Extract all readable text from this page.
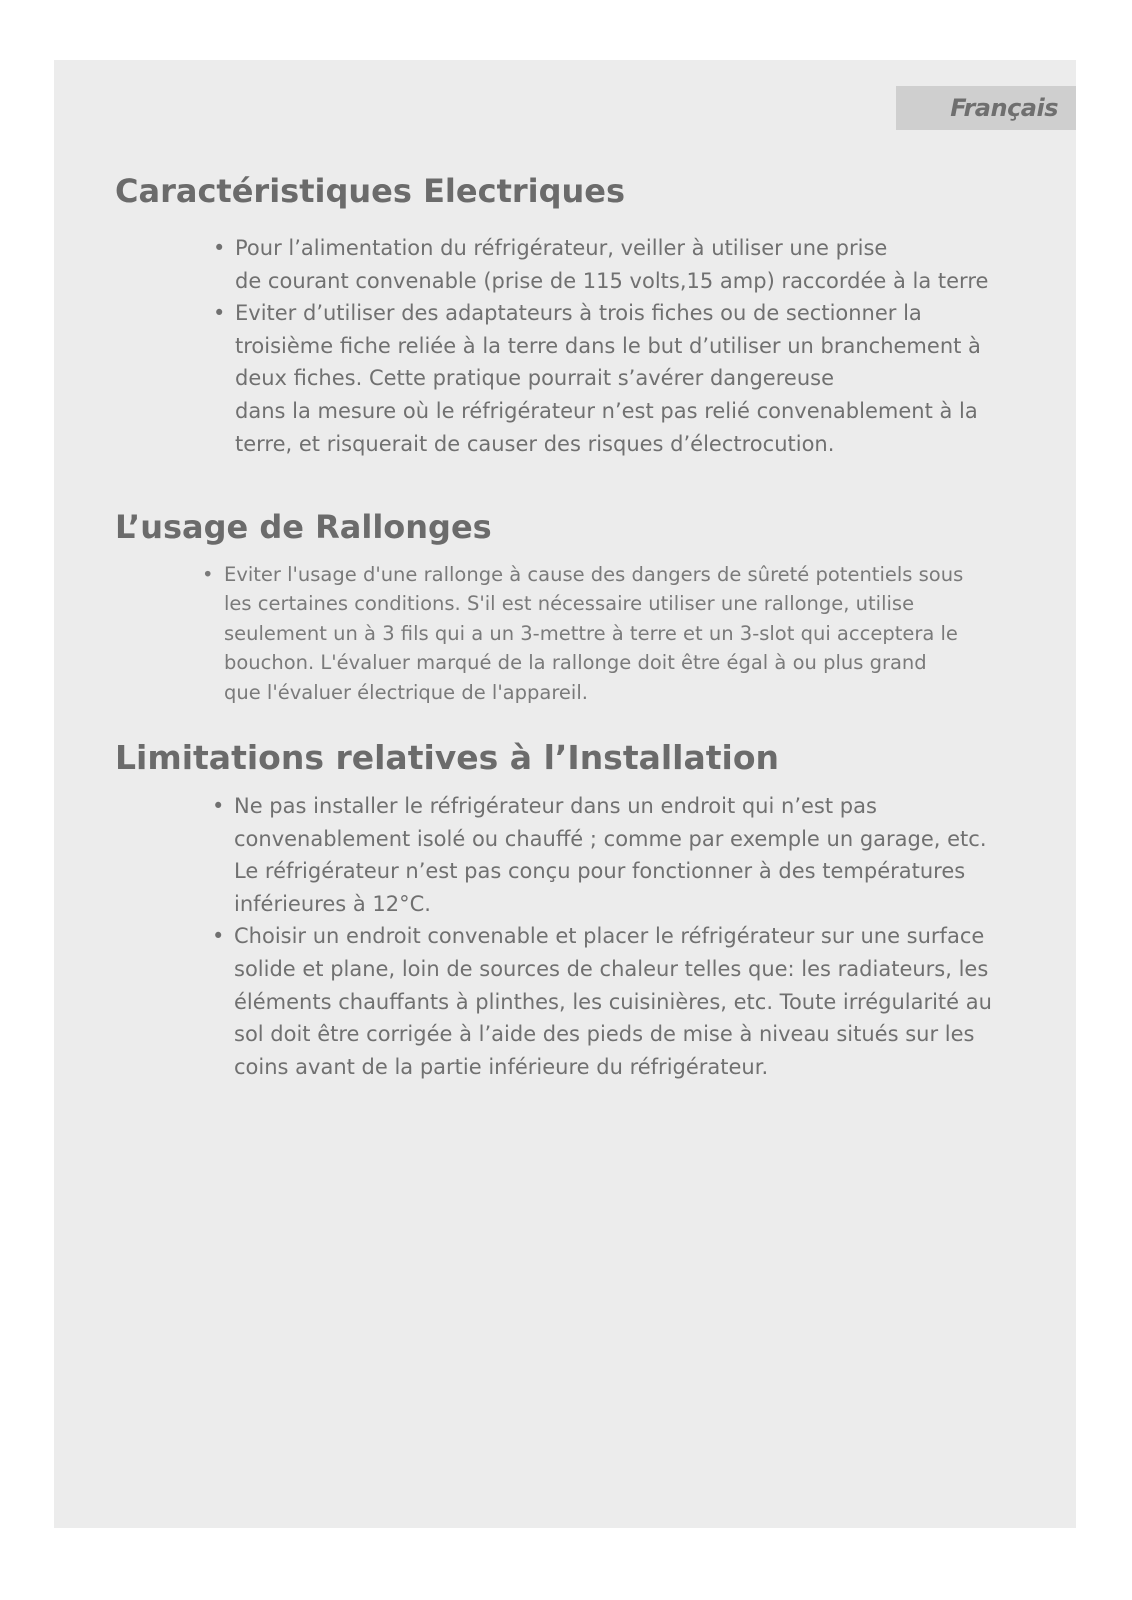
Français
Caractéristiques Electriques
• Pour l’alimentation du réfrigérateur, veiller à utiliser une prise
de courant convenable (prise de 115 volts,15 amp) raccordée à la terre
• Eviter d’utiliser des adaptateurs à trois fiches ou de sectionner la
troisième fiche reliée à la terre dans le but d’utiliser un branchement à
deux fiches. Cette pratique pourrait s’avérer dangereuse
dans la mesure où le réfrigérateur n’est pas relié convenablement à la
terre, et risquerait de causer des risques d’électrocution.
L’usage de Rallonges
• Eviter l'usage d'une rallonge à cause des dangers de sûreté potentiels sous
les certaines conditions. S'il est nécessaire utiliser une rallonge, utilise
seulement un à 3 fils qui a un 3-mettre à terre et un 3-slot qui acceptera le
bouchon. L'évaluer marqué de la rallonge doit être égal à ou plus grand
que l'évaluer électrique de l'appareil.
Limitations relatives à l’Installation
• Ne pas installer le réfrigérateur dans un endroit qui n’est pas
convenablement isolé ou chauffé ; comme par exemple un garage, etc.
Le réfrigérateur n’est pas conçu pour fonctionner à des températures
inférieures à 12°C.
• Choisir un endroit convenable et placer le réfrigérateur sur une surface
solide et plane, loin de sources de chaleur telles que: les radiateurs, les
éléments chauffants à plinthes, les cuisinières, etc. Toute irrégularité au
sol doit être corrigée à l’aide des pieds de mise à niveau situés sur les
coins avant de la partie inférieure du réfrigérateur.
